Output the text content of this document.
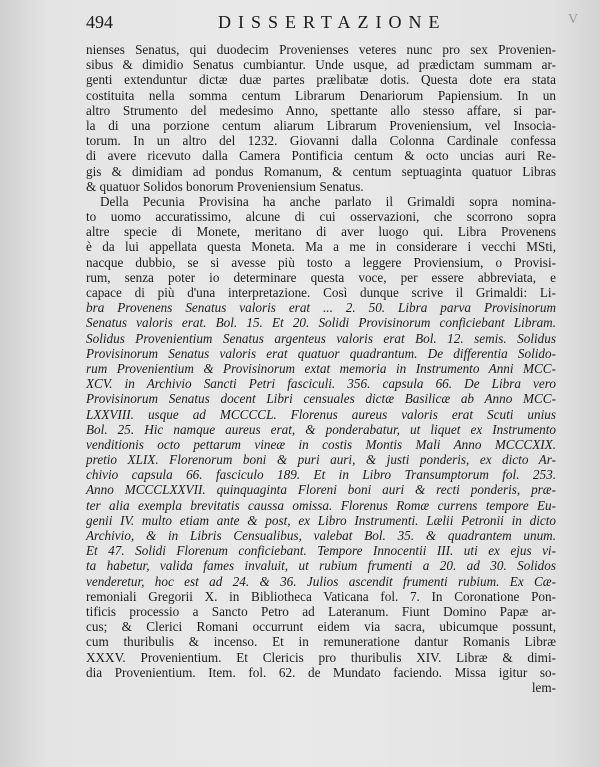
494	DISSERTAZIONE	V
nienses Senatus, qui duodecim Provenienses veteres nunc pro sex Provenien-
sibus & dimidio Senatus cumbiantur. Unde usque, ad prædictam summam ar-
genti extenduntur dictæ duæ partes prælibatæ dotis. Questa dote era stata
costituita nella somma centum Librarum Denariorum Papiensium. In un
altro Strumento del medesimo Anno, spettante allo stesso affare, si par-
la di una porzione centum aliarum Librarum Proveniensium, vel Insocia-
torum. In un altro del 1232. Giovanni dalla Colonna Cardinale confessa
di avere ricevuto dalla Camera Pontificia centum & octo uncias auri Re-
gis & dimidiam ad pondus Romanum, & centum septuaginta quatuor Libras
& quatuor Solidos bonorum Proveniensium Senatus.
Della Pecunia Provisina ha anche parlato il Grimaldi sopra nomina-
to uomo accuratissimo, alcune di cui osservazioni, che scorrono sopra
altre specie di Monete, meritano di aver luogo qui. Libra Provenens
è da lui appellata questa Moneta. Ma a me in considerare i vecchi MSti,
nacque dubbio, se si avesse più tosto a leggere Proviensium, o Provisi-
rum, senza poter io determinare questa voce, per essere abbreviata, e
capace di più d'una interpretazione. Così dunque scrive il Grimaldi: Li-
bra Provenens Senatus valoris erat ... 2. 50. Libra parva Provisinorum
Senatus valoris erat. Bol. 15. Et 20. Solidi Provisinorum conficiebant Libram.
Solidus Provenientium Senatus argenteus valoris erat Bol. 12. semis. Solidus
Provisinorum Senatus valoris erat quatuor quadrantum. De differentia Solido-
rum Provenientium & Provisinorum extat memoria in Instrumento Anni MCC-
XCV. in Archivio Sancti Petri fasciculi. 356. capsula 66. De Libra vero
Provisinorum Senatus docent Libri censuales dictæ Basilicæ ab Anno MCC-
LXXVIII. usque ad MCCCCL. Florenus aureus valoris erat Scuti unius
Bol. 25. Hic namque aureus erat, & ponderabatur, ut liquet ex Instrumento
venditionis octo pettarum vineæ in costis Montis Mali Anno MCCCXIX.
pretio XLIX. Florenorum boni & puri auri, & justi ponderis, ex dicto Ar-
chivio capsula 66. fasciculo 189. Et in Libro Transumptorum fol. 253.
Anno MCCCLXXVII. quinquaginta Floreni boni auri & recti ponderis, præ-
ter alia exempla brevitatis caussa omissa. Florenus Romæ currens tempore Eu-
genii IV. multo etiam ante & post, ex Libro Instrumenti. Lælii Petronii in dicto
Archivio, & in Libris Censualibus, valebat Bol. 35. & quadrantem unum.
Et 47. Solidi Florenum conficiebant. Tempore Innocentii III. uti ex ejus vi-
ta habetur, valida fames invaluit, ut rubium frumenti a 20. ad 30. Solidos
venderetur, hoc est ad 24. & 36. Julios ascendit frumenti rubium. Ex Cæ-
remoniali Gregorii X. in Bibliotheca Vaticana fol. 7. In Coronatione Pon-
tificis processio a Sancto Petro ad Lateranum. Fiunt Domino Papæ ar-
cus; & Clerici Romani occurrunt eidem via sacra, ubicumque possunt,
cum thuribulis & incenso. Et in remuneratione dantur Romanis Libræ
XXXV. Provenientium. Et Clericis pro thuribulis XIV. Libræ & dimi-
dia Provenientium. Item. fol. 62. de Mundato faciendo. Missa igitur so-
lem-
